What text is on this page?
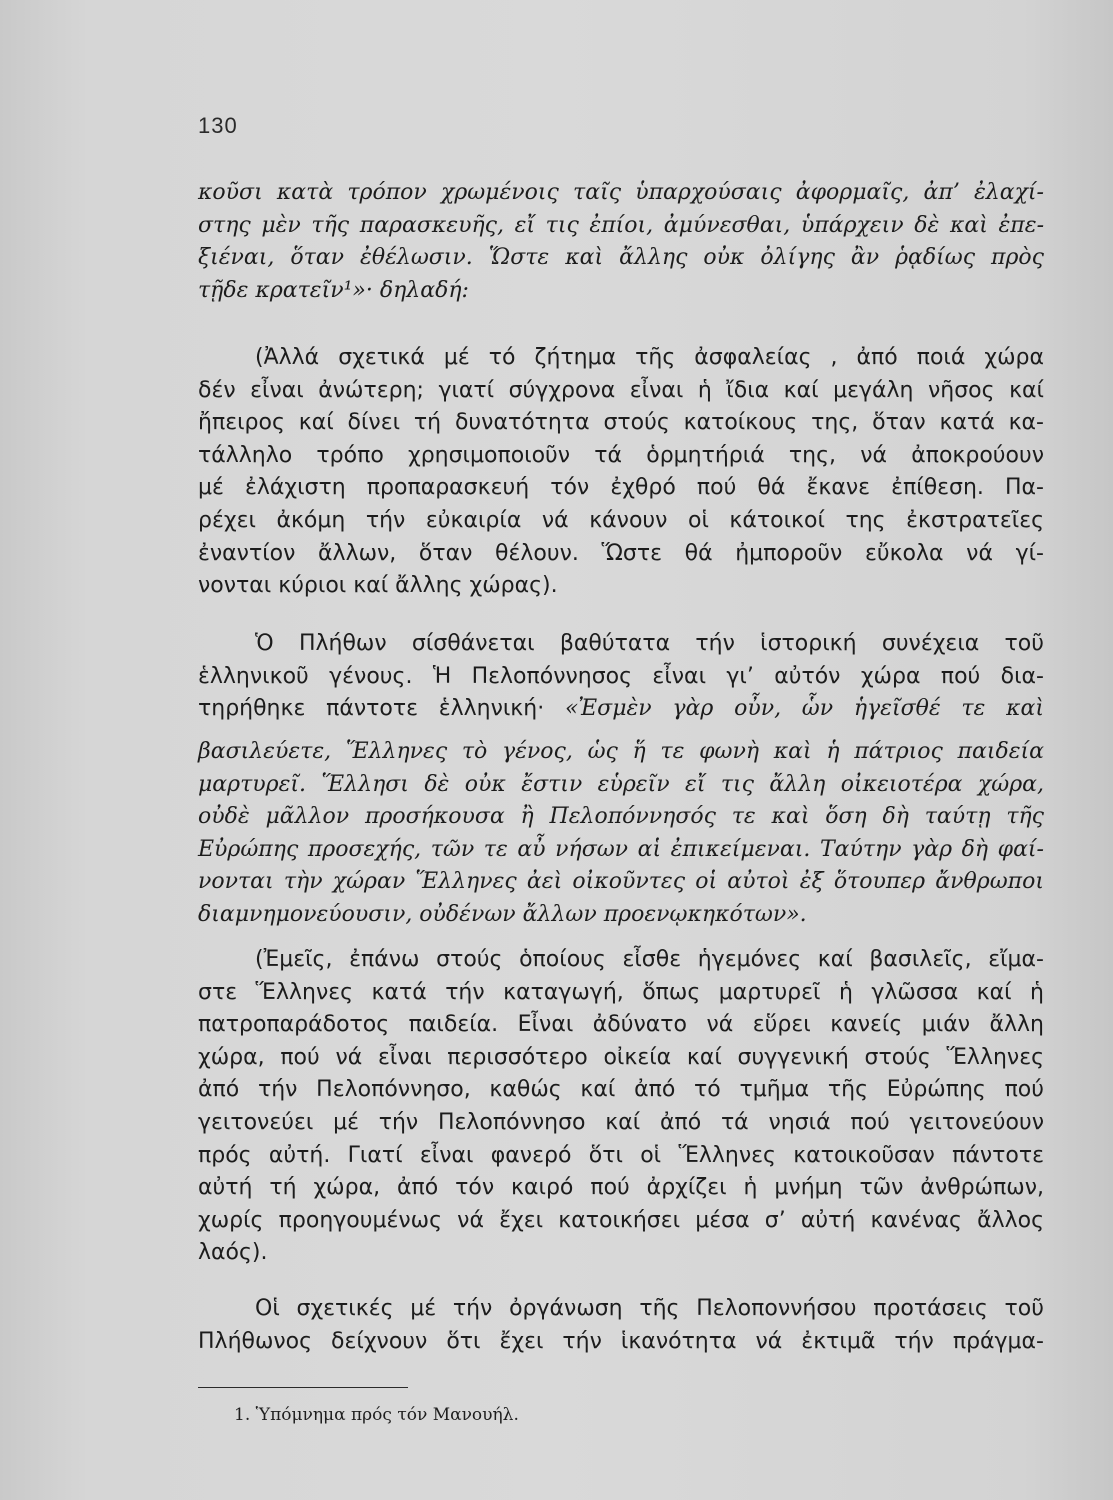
130
κοῦσι κατὰ τρόπον χρωμένοις ταῖς ὑπαρχούσαις ἀφορμαῖς, ἀπ’ ἐλαχί-
στης μὲν τῆς παρασκευῆς, εἴ τις ἐπίοι, ἀμύνεσθαι, ὑπάρχειν δὲ καὶ ἐπε-
ξιέναι, ὅταν ἐθέλωσιν. Ὥστε καὶ ἄλλης οὐκ ὀλίγης ἂν ῥᾳδίως πρὸς
τῇδε κρατεῖν¹»· δηλαδή:
(Ἀλλά σχετικά μέ τό ζήτημα τῆς ἀσφαλείας , ἀπό ποιά χώρα
δέν εἶναι ἀνώτερη; γιατί σύγχρονα εἶναι ἡ ἴδια καί μεγάλη νῆσος καί
ἤπειρος καί δίνει τή δυνατότητα στούς κατοίκους της, ὅταν κατά κα-
τάλληλο τρόπο χρησιμοποιοῦν τά ὁρμητήριά της, νά ἀποκρούουν
μέ ἐλάχιστη προπαρασκευή τόν ἐχθρό πού θά ἔκανε ἐπίθεση. Πα-
ρέχει ἀκόμη τήν εὐκαιρία νά κάνουν οἱ κάτοικοί της ἐκστρατεῖες
ἐναντίον ἄλλων, ὅταν θέλουν. Ὥστε θά ἠμποροῦν εὔκολα νά γί-
νονται κύριοι καί ἄλλης χώρας).
Ὁ Πλήθων σίσθάνεται βαθύτατα τήν ἱστορική συνέχεια τοῦ
ἑλληνικοῦ γένους. Ἡ Πελοπόννησος εἶναι γι’ αὐτόν χώρα πού δια-
τηρήθηκε πάντοτε ἑλληνική· «Ἐσμὲν γὰρ οὖν, ὧν ἡγεῖσθέ τε καὶ
βασιλεύετε, Ἕλληνες τὸ γένος, ὡς ἥ τε φωνὴ καὶ ἡ πάτριος παιδεία
μαρτυρεῖ. Ἕλλησι δὲ οὐκ ἔστιν εὑρεῖν εἴ τις ἄλλη οἰκειοτέρα χώρα,
οὐδὲ μᾶλλον προσήκουσα ἢ Πελοπόννησός τε καὶ ὅση δὴ ταύτῃ τῆς
Εὐρώπης προσεχής, τῶν τε αὖ νήσων αἱ ἐπικείμεναι. Ταύτην γὰρ δὴ φαί-
νονται τὴν χώραν Ἕλληνες ἀεὶ οἰκοῦντες οἱ αὐτοὶ ἐξ ὅτουπερ ἄνθρωποι
διαμνημονεύουσιν, οὐδένων ἄλλων προενῳκηκότων».
(Ἐμεῖς, ἐπάνω στούς ὁποίους εἶσθε ἡγεμόνες καί βασιλεῖς, εἴμα-
στε Ἕλληνες κατά τήν καταγωγή, ὅπως μαρτυρεῖ ἡ γλῶσσα καί ἡ
πατροπαράδοτος παιδεία. Εἶναι ἀδύνατο νά εὕρει κανείς μιάν ἄλλη
χώρα, πού νά εἶναι περισσότερο οἰκεία καί συγγενική στούς Ἕλληνες
ἀπό τήν Πελοπόννησο, καθώς καί ἀπό τό τμῆμα τῆς Εὐρώπης πού
γειτονεύει μέ τήν Πελοπόννησο καί ἀπό τά νησιά πού γειτονεύουν
πρός αὐτή. Γιατί εἶναι φανερό ὅτι οἱ Ἕλληνες κατοικοῦσαν πάντοτε
αὐτή τή χώρα, ἀπό τόν καιρό πού ἀρχίζει ἡ μνήμη τῶν ἀνθρώπων,
χωρίς προηγουμένως νά ἔχει κατοικήσει μέσα σ’ αὐτή κανένας ἄλλος
λαός).
Οἱ σχετικές μέ τήν ὀργάνωση τῆς Πελοποννήσου προτάσεις τοῦ
Πλήθωνος δείχνουν ὅτι ἔχει τήν ἱκανότητα νά ἐκτιμᾶ τήν πράγμα-
1. Ὑπόμνημα πρός τόν Μανουήλ.
